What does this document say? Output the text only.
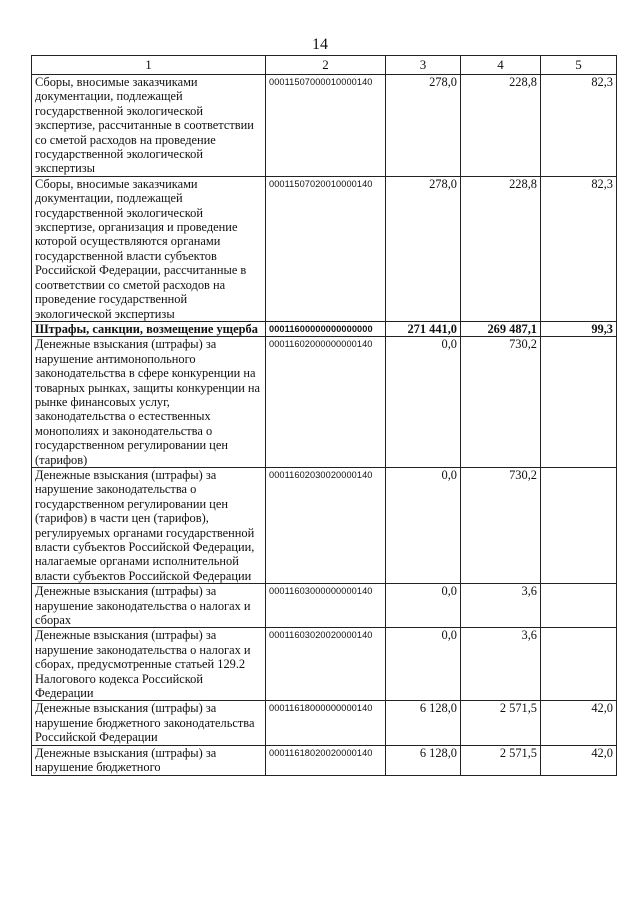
14
1	2	3	4	5
Сборы, вносимые заказчиками документации, подлежащей государственной экологической экспертизе, рассчитанные в соответствии со сметой расходов на проведение государственной экологической экспертизы	00011507000010000140	278,0	228,8	82,3
Сборы, вносимые заказчиками документации, подлежащей государственной экологической экспертизе, организация и проведение которой осуществляются органами государственной власти субъектов Российской Федерации, рассчитанные в соответствии со сметой расходов на проведение государственной экологической экспертизы	00011507020010000140	278,0	228,8	82,3
Штрафы, санкции, возмещение ущерба	00011600000000000000	271 441,0	269 487,1	99,3
Денежные взыскания (штрафы) за нарушение антимонопольного законодательства в сфере конкуренции на товарных рынках, защиты конкуренции на рынке финансовых услуг, законодательства о естественных монополиях и законодательства о государственном регулировании цен (тарифов)	00011602000000000140	0,0	730,2	
Денежные взыскания (штрафы) за нарушение законодательства о государственном регулировании цен (тарифов) в части цен (тарифов), регулируемых органами государственной власти субъектов Российской Федерации, налагаемые органами исполнительной власти субъектов Российской Федерации	00011602030020000140	0,0	730,2	
Денежные взыскания (штрафы) за нарушение законодательства о налогах и сборах	00011603000000000140	0,0	3,6	
Денежные взыскания (штрафы) за нарушение законодательства о налогах и сборах, предусмотренные статьей 129.2 Налогового кодекса Российской Федерации	00011603020020000140	0,0	3,6	
Денежные взыскания (штрафы) за нарушение бюджетного законодательства Российской Федерации	00011618000000000140	6 128,0	2 571,5	42,0
Денежные взыскания (штрафы) за нарушение бюджетного	00011618020020000140	6 128,0	2 571,5	42,0
